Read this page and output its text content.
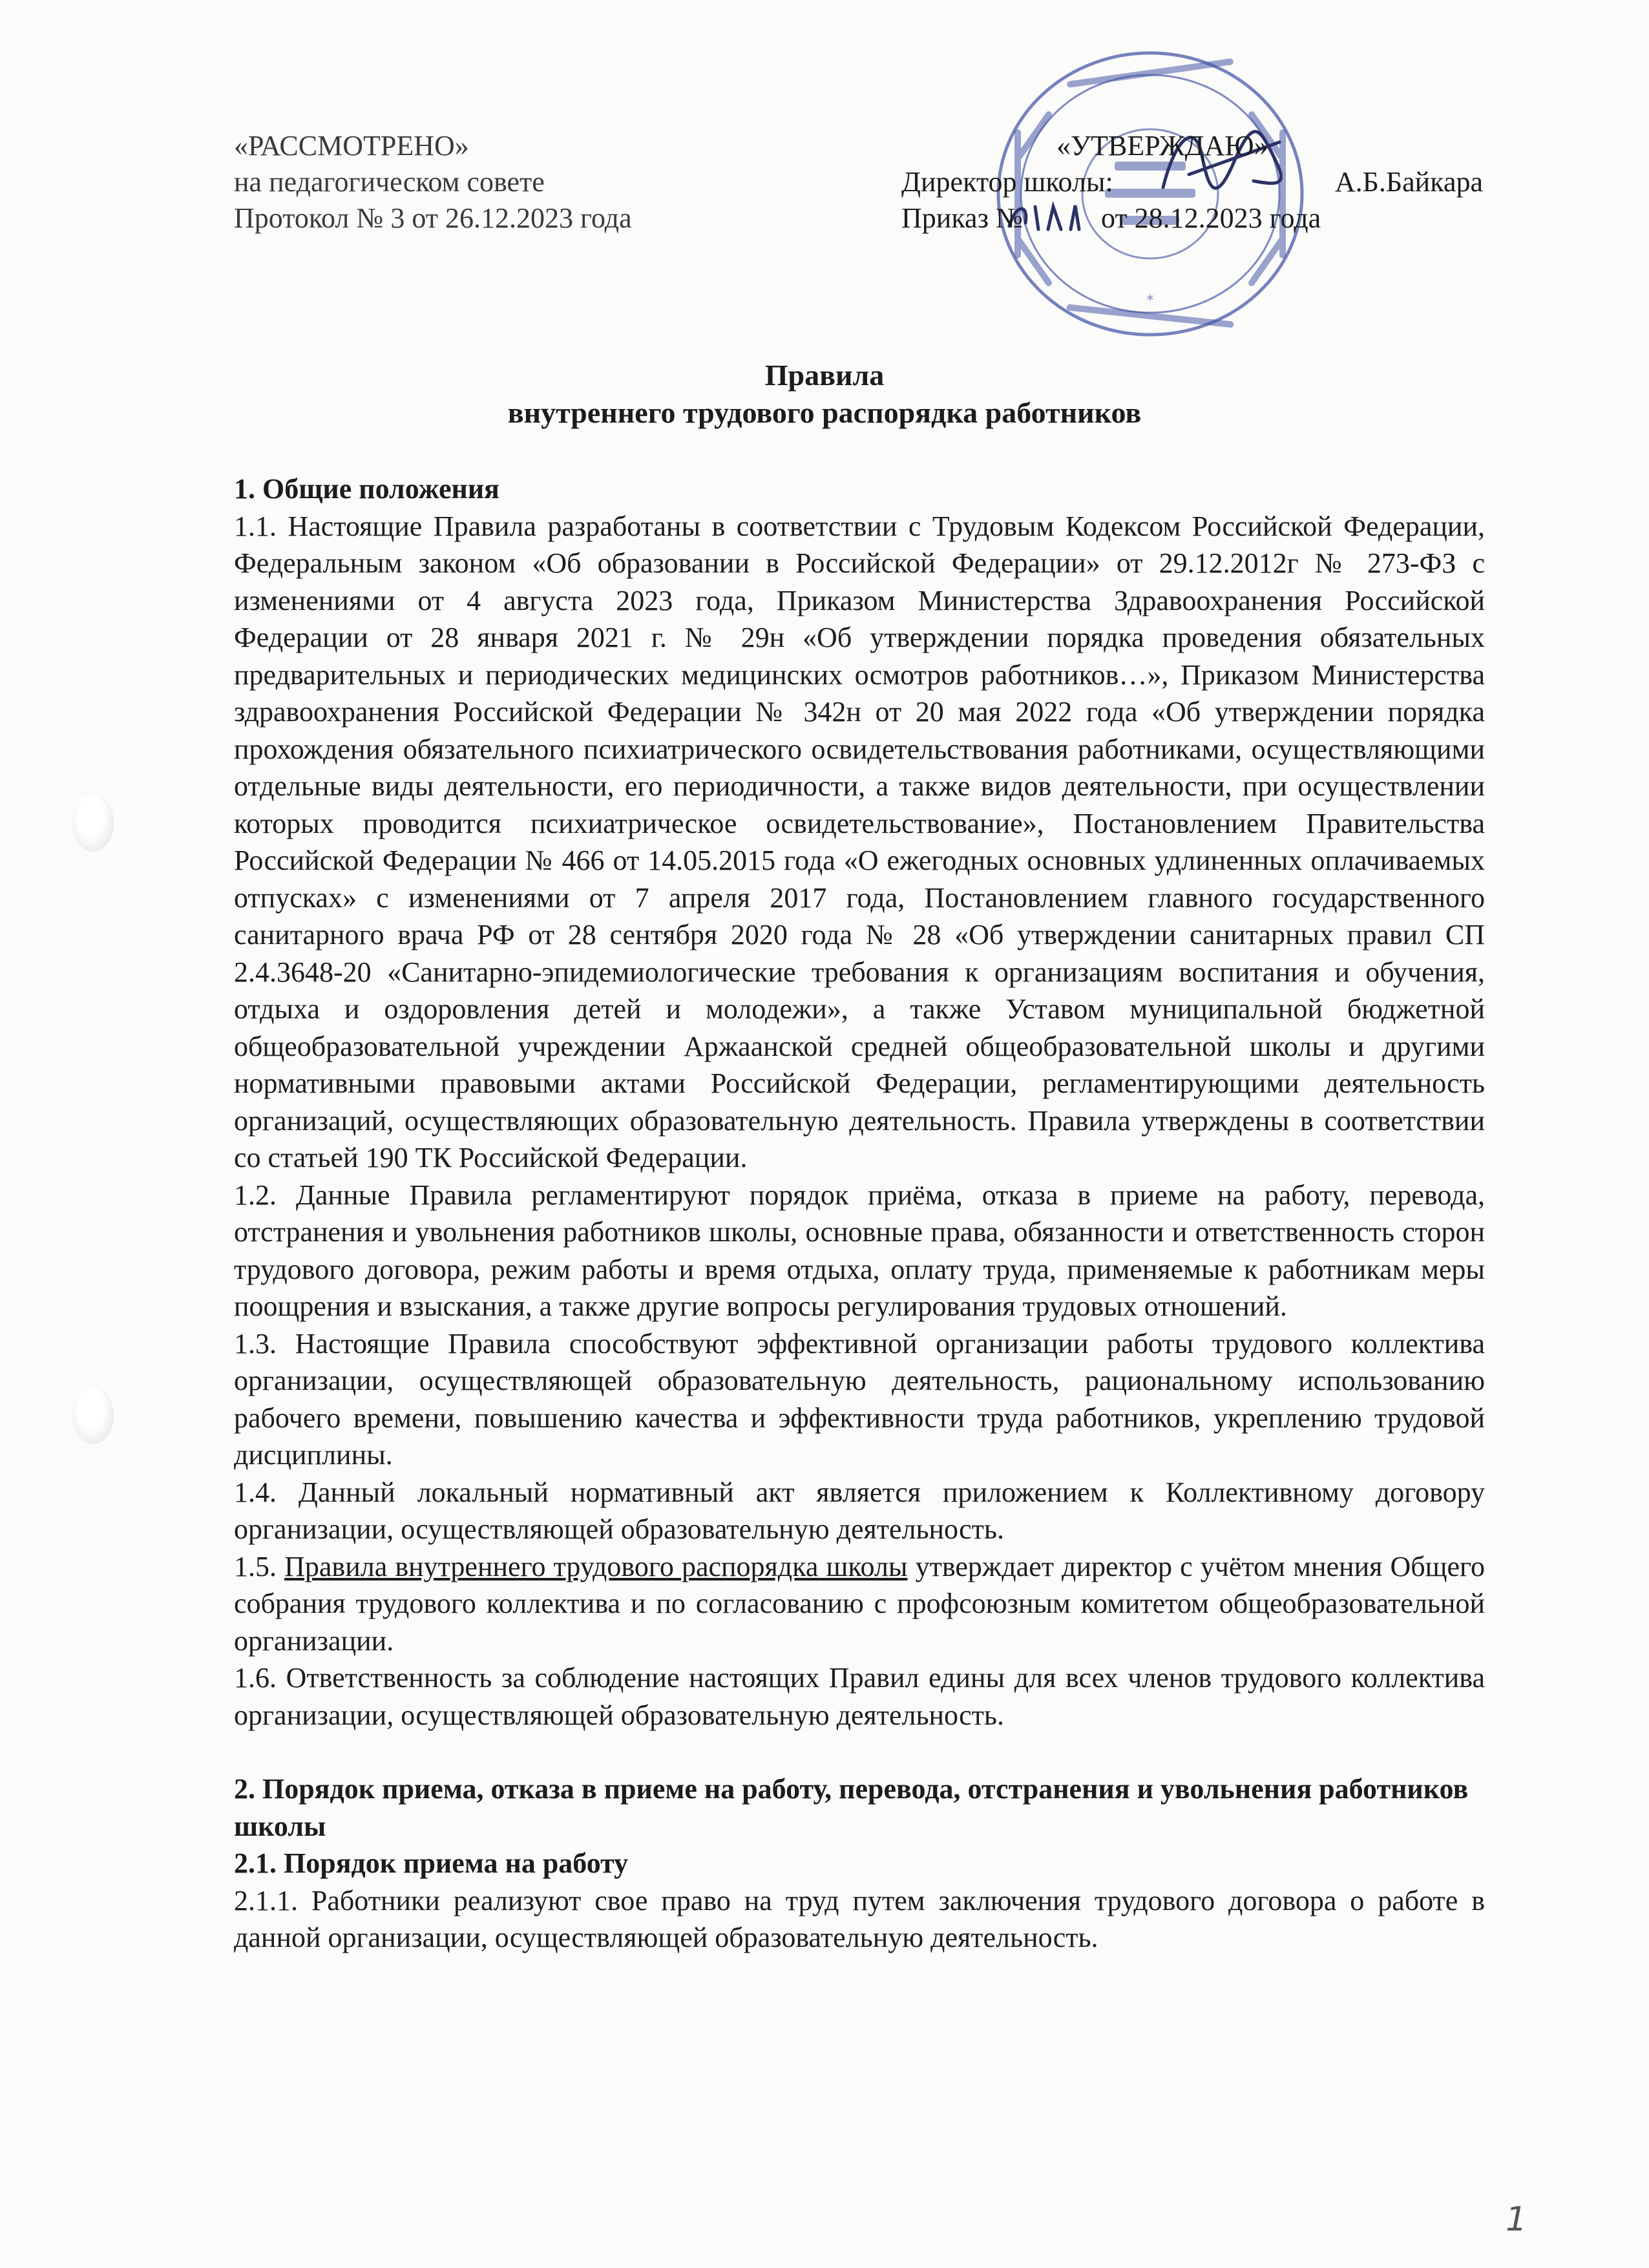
*
«РАССМОТРЕНО»
на педагогическом совете
Протокол № 3 от 26.12.2023 года
«УТВЕРЖДАЮ»
Директор школы:	А.Б.Байкара
Приказ №	от 28.12.2023 года
Правила
внутреннего трудового распорядка работников

1. Общие положения

1.1. Настоящие Правила разработаны в соответствии с Трудовым Кодексом Российской Федерации, Федеральным законом «Об образовании в Российской Федерации» от 29.12.2012г № 273-ФЗ с изменениями от 4 августа 2023 года, Приказом Министерства Здравоохранения Российской Федерации от 28 января 2021 г. № 29н «Об утверждении порядка проведения обязательных предварительных и периодических медицинских осмотров работников…», Приказом Министерства здравоохранения Российской Федерации № 342н от 20 мая 2022 года «Об утверждении порядка прохождения обязательного психиатрического освидетельствования работниками, осуществляющими отдельные виды деятельности, его периодичности, а также видов деятельности, при осуществлении которых проводится психиатрическое освидетельствование», Постановлением Правительства Российской Федерации № 466 от 14.05.2015 года «О ежегодных основных удлиненных оплачиваемых отпусках» с изменениями от 7 апреля 2017 года, Постановлением главного государственного санитарного врача РФ от 28 сентября 2020 года № 28 «Об утверждении санитарных правил СП 2.4.3648-20 «Санитарно-эпидемиологические требования к организациям воспитания и обучения, отдыха и оздоровления детей и молодежи», а также Уставом муниципальной бюджетной общеобразовательной учреждении Аржаанской средней общеобразовательной школы и другими нормативными правовыми актами Российской Федерации, регламентирующими деятельность организаций, осуществляющих образовательную деятельность. Правила утверждены в соответствии со статьей 190 ТК Российской Федерации.

1.2. Данные Правила регламентируют порядок приёма, отказа в приеме на работу, перевода, отстранения и увольнения работников школы, основные права, обязанности и ответственность сторон трудового договора, режим работы и время отдыха, оплату труда, применяемые к работникам меры поощрения и взыскания, а также другие вопросы регулирования трудовых отношений.

1.3. Настоящие Правила способствуют эффективной организации работы трудового коллектива организации, осуществляющей образовательную деятельность, рациональному использованию рабочего времени, повышению качества и эффективности труда работников, укреплению трудовой дисциплины.

1.4. Данный локальный нормативный акт является приложением к Коллективному договору организации, осуществляющей образовательную деятельность.

1.5. Правила внутреннего трудового распорядка школы утверждает директор с учётом мнения Общего собрания трудового коллектива и по согласованию с профсоюзным комитетом общеобразовательной организации.

1.6. Ответственность за соблюдение настоящих Правил едины для всех членов трудового коллектива организации, осуществляющей образовательную деятельность.

2. Порядок приема, отказа в приеме на работу, перевода, отстранения и увольнения работников школы

2.1. Порядок приема на работу

2.1.1. Работники реализуют свое право на труд путем заключения трудового договора о работе в данной организации, осуществляющей образовательную деятельность.

1
